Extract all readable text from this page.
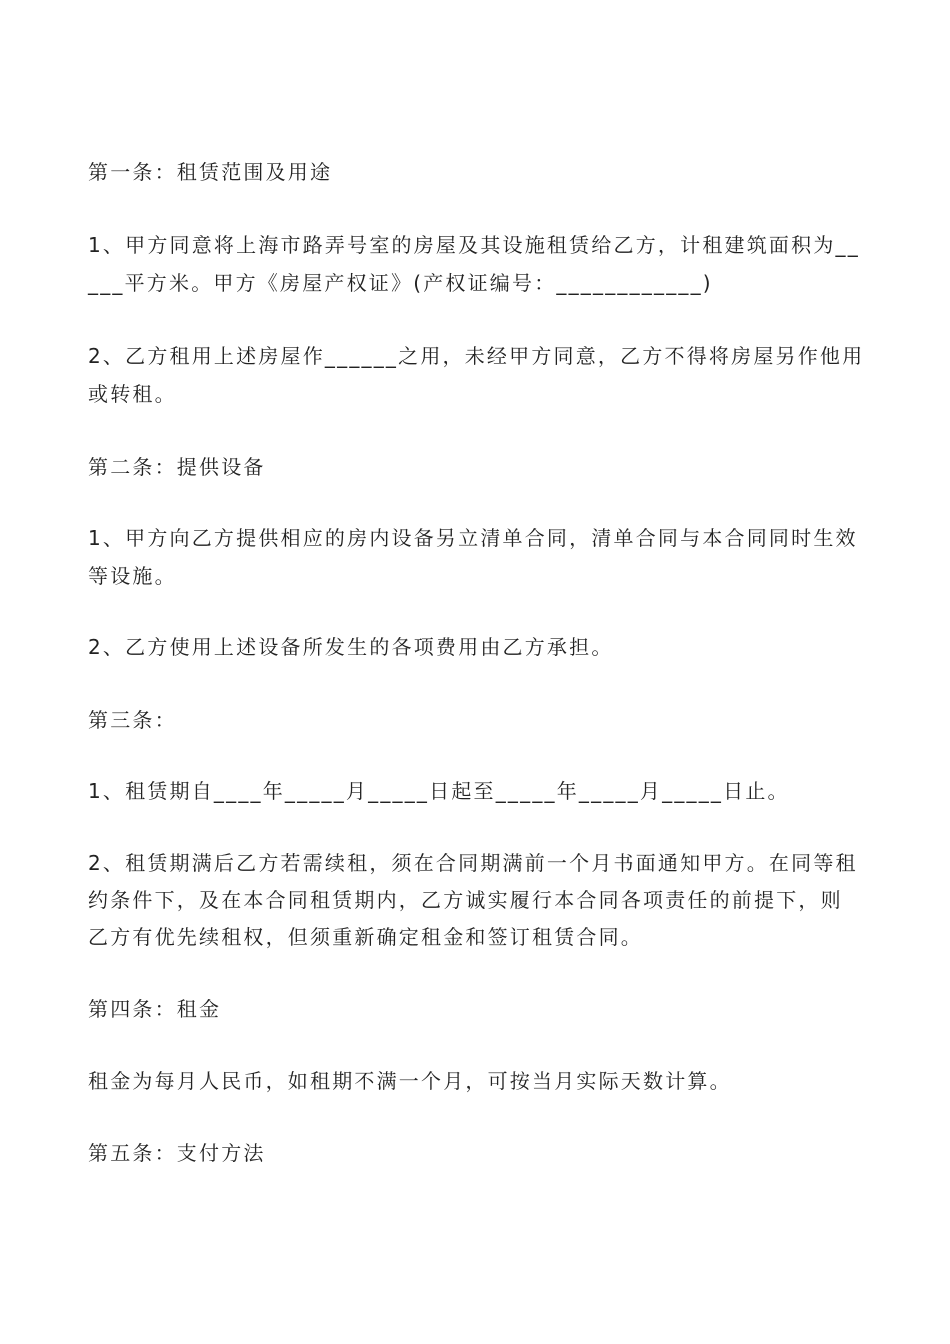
第一条：租赁范围及用途

1、甲方同意将上海市路弄号室的房屋及其设施租赁给乙方，计租建筑面积为__

___平方米。甲方《房屋产权证》(产权证编号：____________)

2、乙方租用上述房屋作______之用，未经甲方同意，乙方不得将房屋另作他用

或转租。

第二条：提供设备

1、甲方向乙方提供相应的房内设备另立清单合同，清单合同与本合同同时生效

等设施。

2、乙方使用上述设备所发生的各项费用由乙方承担。

第三条：

1、租赁期自____年_____月_____日起至_____年_____月_____日止。

2、租赁期满后乙方若需续租，须在合同期满前一个月书面通知甲方。在同等租

约条件下，及在本合同租赁期内，乙方诚实履行本合同各项责任的前提下，则

乙方有优先续租权，但须重新确定租金和签订租赁合同。

第四条：租金

租金为每月人民币，如租期不满一个月，可按当月实际天数计算。

第五条：支付方法
